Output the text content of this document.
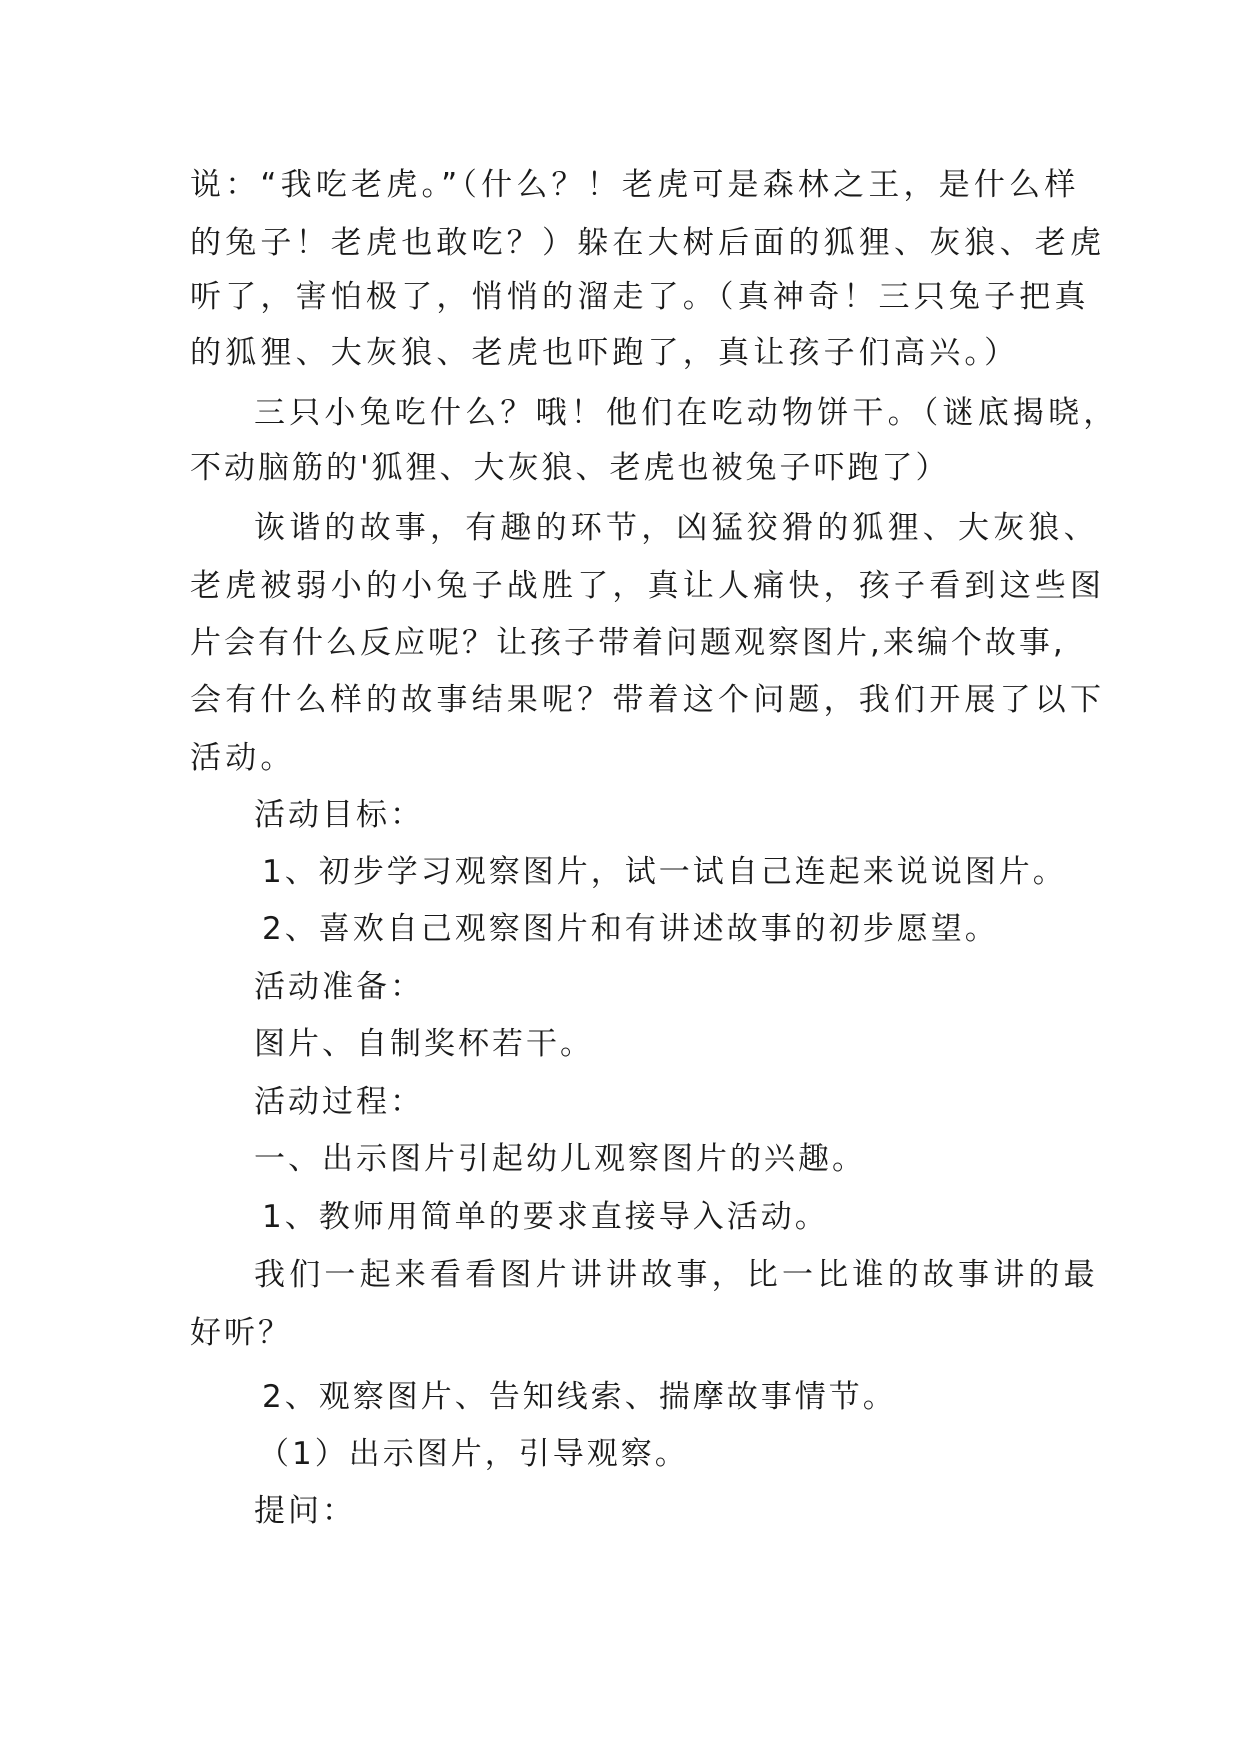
说：“我吃老虎。”（什么？！老虎可是森林之王，是什么样
的兔子！老虎也敢吃？）躲在大树后面的狐狸、灰狼、老虎
听了，害怕极了，悄悄的溜走了。（真神奇！三只兔子把真
的狐狸、大灰狼、老虎也吓跑了，真让孩子们高兴。）
三只小兔吃什么？哦！他们在吃动物饼干。（谜底揭晓，
不动脑筋的'狐狸、大灰狼、老虎也被兔子吓跑了）
诙谐的故事，有趣的环节，凶猛狡猾的狐狸、大灰狼、
老虎被弱小的小兔子战胜了，真让人痛快，孩子看到这些图
片会有什么反应呢？让孩子带着问题观察图片,来编个故事,
会有什么样的故事结果呢？带着这个问题，我们开展了以下
活动。
活动目标：
1、初步学习观察图片，试一试自己连起来说说图片。
2、喜欢自己观察图片和有讲述故事的初步愿望。
活动准备：
图片、自制奖杯若干。
活动过程：
一、出示图片引起幼儿观察图片的兴趣。
1、教师用简单的要求直接导入活动。
我们一起来看看图片讲讲故事，比一比谁的故事讲的最
好听？
2、观察图片、告知线索、揣摩故事情节。
（1）出示图片，引导观察。
提问：
